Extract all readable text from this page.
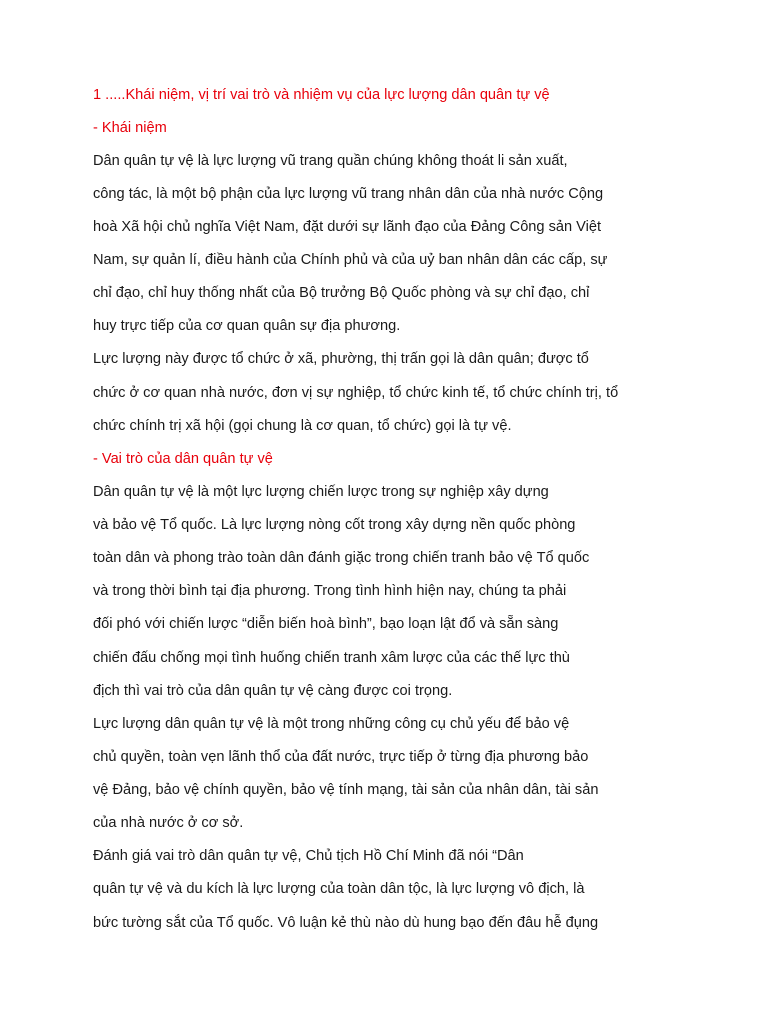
1 .....Khái niệm, vị trí vai trò và nhiệm vụ của lực lượng dân quân tự vệ
- Khái niệm
Dân quân tự vệ là lực lượng vũ trang quần chúng không thoát li sản xuất,
công tác, là một bộ phận của lực lượng vũ trang nhân dân của nhà nước Cộng
hoà Xã hội chủ nghĩa Việt Nam, đặt dưới sự lãnh đạo của Đảng Công sản Việt
Nam, sự quản lí, điều hành của Chính phủ và của uỷ ban nhân dân các cấp, sự
chỉ đạo, chỉ huy thống nhất của Bộ trưởng Bộ Quốc phòng và sự chỉ đạo, chỉ
huy trực tiếp của cơ quan quân sự địa phương.
Lực lượng này được tổ chức ở xã, phường, thị trấn gọi là dân quân; được tổ
chức ở cơ quan nhà nước, đơn vị sự nghiệp, tổ chức kinh tế, tổ chức chính trị, tổ
chức chính trị xã hội (gọi chung là cơ quan, tổ chức) gọi là tự vệ.
- Vai trò của dân quân tự vệ
Dân quân tự vệ là một lực lượng chiến lược trong sự nghiệp xây dựng
và bảo vệ Tổ quốc. Là lực lượng nòng cốt trong xây dựng nền quốc phòng
toàn dân và phong trào toàn dân đánh giặc trong chiến tranh bảo vệ Tổ quốc
và trong thời bình tại địa phương. Trong tình hình hiện nay, chúng ta phải
đối phó với chiến lược “diễn biến hoà bình”, bạo loạn lật đổ và sẵn sàng
chiến đấu chống mọi tình huống chiến tranh xâm lược của các thế lực thù
địch thì vai trò của dân quân tự vệ càng được coi trọng.
Lực lượng dân quân tự vệ là một trong những công cụ chủ yếu để bảo vệ
chủ quyền, toàn vẹn lãnh thổ của đất nước, trực tiếp ở từng địa phương bảo
vệ Đảng, bảo vệ chính quyền, bảo vệ tính mạng, tài sản của nhân dân, tài sản
của nhà nước ở cơ sở.
Đánh giá vai trò dân quân tự vệ, Chủ tịch Hồ Chí Minh đã nói “Dân
quân tự vệ và du kích là lực lượng của toàn dân tộc, là lực lượng vô địch, là
bức tường sắt của Tổ quốc. Vô luận kẻ thù nào dù hung bạo đến đâu hễ đụng
